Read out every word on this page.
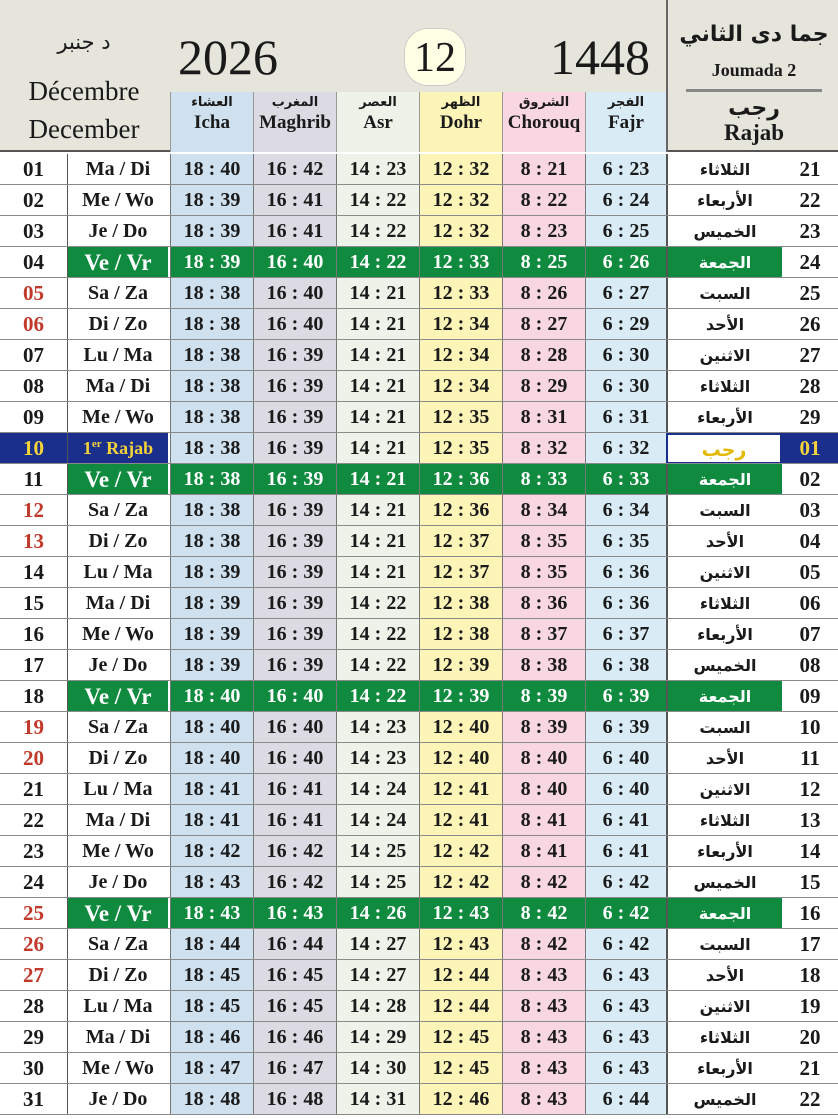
د جنبر
Décembre
December
2026	12 1448
العشاء
Icha
المغرب
Maghrib
العصر
Asr
الظهر
Dohr
الشروق
Chorouq
الفجر
Fajr
جما دى الثاني
Joumada 2
رجب
Rajab
01	Ma / Di	18 : 40	16 : 42	14 : 23	12 : 32	8 : 21	6 : 23	الثلاثاء	21
02	Me / Wo	18 : 39	16 : 41	14 : 22	12 : 32	8 : 22	6 : 24	الأربعاء	22
03	Je / Do	18 : 39	16 : 41	14 : 22	12 : 32	8 : 23	6 : 25	الخميس	23
04	Ve / Vr	18 : 39	16 : 40	14 : 22	12 : 33	8 : 25	6 : 26	الجمعة	24
05	Sa / Za	18 : 38	16 : 40	14 : 21	12 : 33	8 : 26	6 : 27	السبت	25
06	Di / Zo	18 : 38	16 : 40	14 : 21	12 : 34	8 : 27	6 : 29	الأحد	26
07	Lu / Ma	18 : 38	16 : 39	14 : 21	12 : 34	8 : 28	6 : 30	الاثنين	27
08	Ma / Di	18 : 38	16 : 39	14 : 21	12 : 34	8 : 29	6 : 30	الثلاثاء	28
09	Me / Wo	18 : 38	16 : 39	14 : 21	12 : 35	8 : 31	6 : 31	الأربعاء	29
10	1er Rajab	18 : 38	16 : 39	14 : 21	12 : 35	8 : 32	6 : 32	رجب	01
11	Ve / Vr	18 : 38	16 : 39	14 : 21	12 : 36	8 : 33	6 : 33	الجمعة	02
12	Sa / Za	18 : 38	16 : 39	14 : 21	12 : 36	8 : 34	6 : 34	السبت	03
13	Di / Zo	18 : 38	16 : 39	14 : 21	12 : 37	8 : 35	6 : 35	الأحد	04
14	Lu / Ma	18 : 39	16 : 39	14 : 21	12 : 37	8 : 35	6 : 36	الاثنين	05
15	Ma / Di	18 : 39	16 : 39	14 : 22	12 : 38	8 : 36	6 : 36	الثلاثاء	06
16	Me / Wo	18 : 39	16 : 39	14 : 22	12 : 38	8 : 37	6 : 37	الأربعاء	07
17	Je / Do	18 : 39	16 : 39	14 : 22	12 : 39	8 : 38	6 : 38	الخميس	08
18	Ve / Vr	18 : 40	16 : 40	14 : 22	12 : 39	8 : 39	6 : 39	الجمعة	09
19	Sa / Za	18 : 40	16 : 40	14 : 23	12 : 40	8 : 39	6 : 39	السبت	10
20	Di / Zo	18 : 40	16 : 40	14 : 23	12 : 40	8 : 40	6 : 40	الأحد	11
21	Lu / Ma	18 : 41	16 : 41	14 : 24	12 : 41	8 : 40	6 : 40	الاثنين	12
22	Ma / Di	18 : 41	16 : 41	14 : 24	12 : 41	8 : 41	6 : 41	الثلاثاء	13
23	Me / Wo	18 : 42	16 : 42	14 : 25	12 : 42	8 : 41	6 : 41	الأربعاء	14
24	Je / Do	18 : 43	16 : 42	14 : 25	12 : 42	8 : 42	6 : 42	الخميس	15
25	Ve / Vr	18 : 43	16 : 43	14 : 26	12 : 43	8 : 42	6 : 42	الجمعة	16
26	Sa / Za	18 : 44	16 : 44	14 : 27	12 : 43	8 : 42	6 : 42	السبت	17
27	Di / Zo	18 : 45	16 : 45	14 : 27	12 : 44	8 : 43	6 : 43	الأحد	18
28	Lu / Ma	18 : 45	16 : 45	14 : 28	12 : 44	8 : 43	6 : 43	الاثنين	19
29	Ma / Di	18 : 46	16 : 46	14 : 29	12 : 45	8 : 43	6 : 43	الثلاثاء	20
30	Me / Wo	18 : 47	16 : 47	14 : 30	12 : 45	8 : 43	6 : 43	الأربعاء	21
31	Je / Do	18 : 48	16 : 48	14 : 31	12 : 46	8 : 43	6 : 44	الخميس	22
